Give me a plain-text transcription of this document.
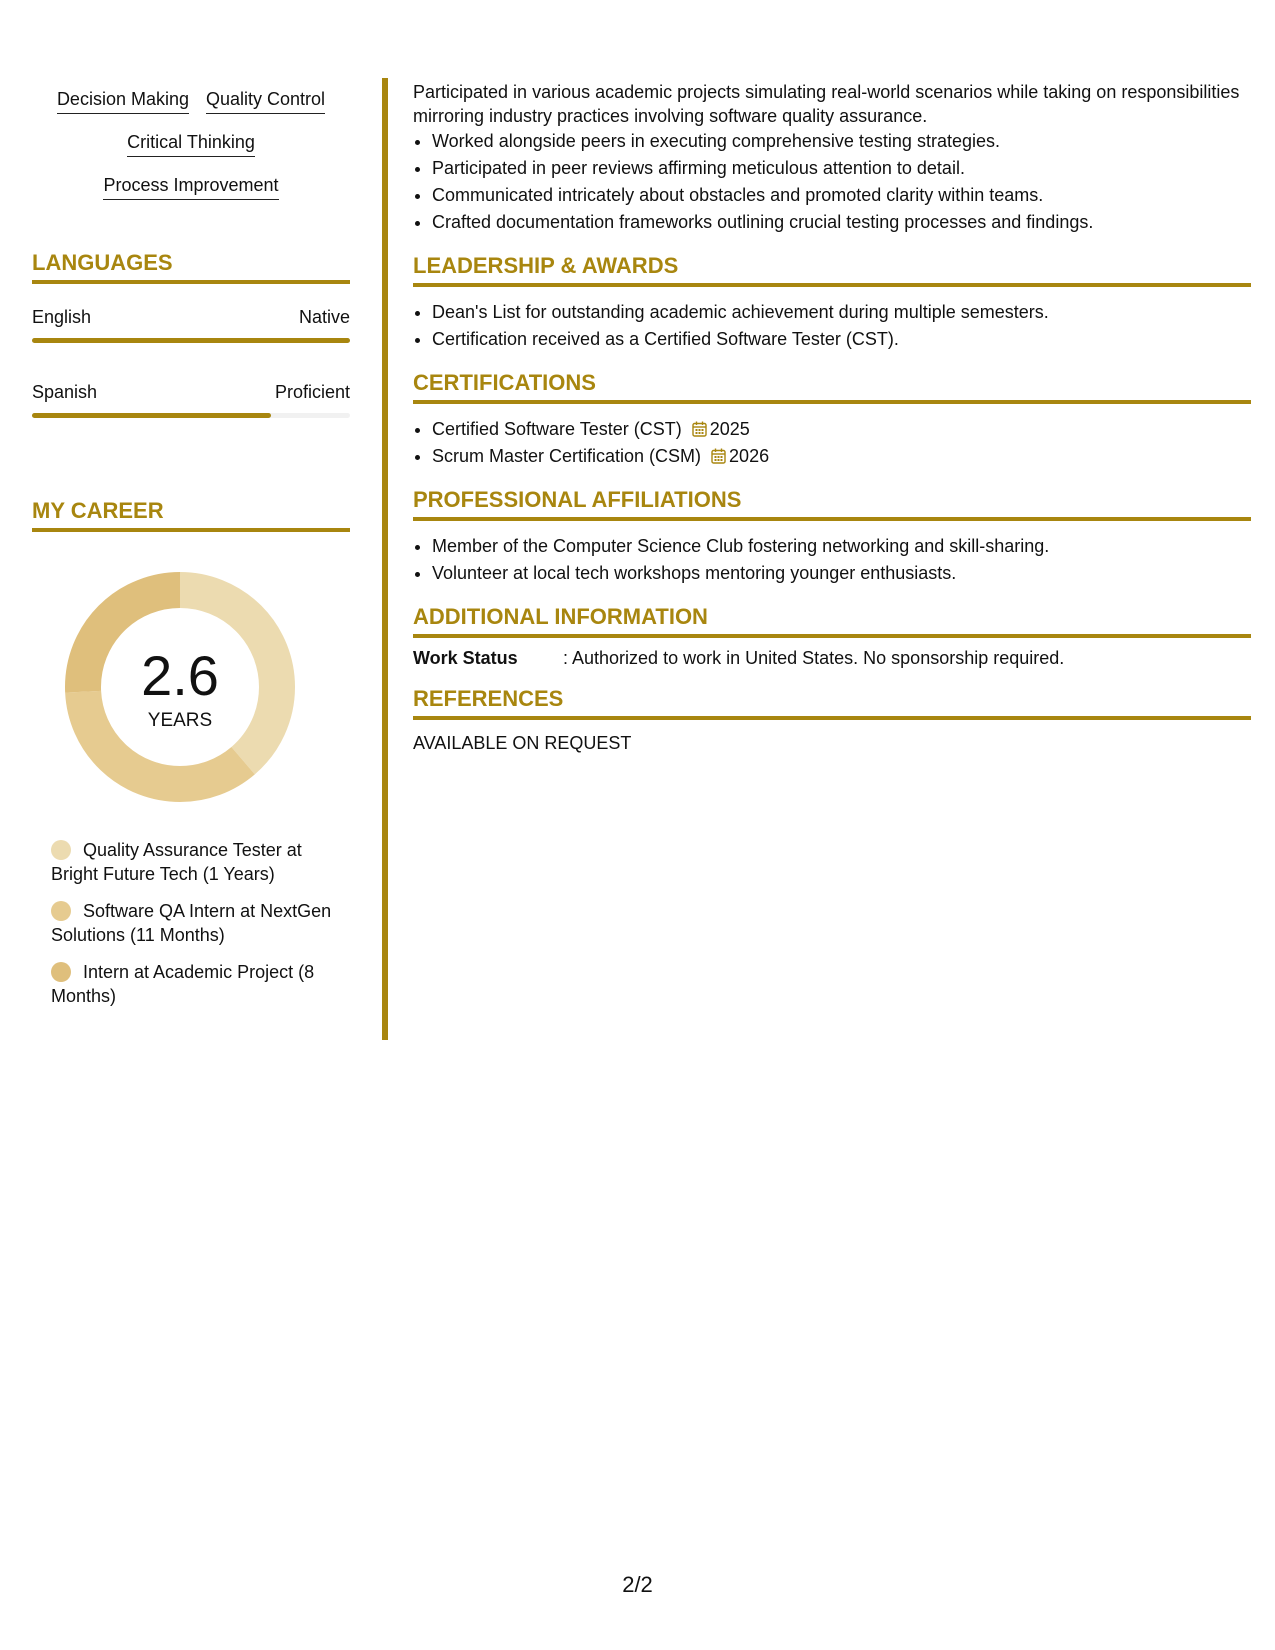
Decision Making Quality Control
Critical Thinking
Process Improvement
LANGUAGES
English	Native
Spanish	Proficient
MY CAREER
2.6
YEARS
Quality Assurance Tester at Bright Future Tech (1 Years)
Software QA Intern at NextGen Solutions (11 Months)
Intern at Academic Project (8 Months)

Participated in various academic projects simulating real-world scenarios while taking on responsibilities mirroring industry practices involving software quality assurance.

• Worked alongside peers in executing comprehensive testing strategies.
• Participated in peer reviews affirming meticulous attention to detail.
• Communicated intricately about obstacles and promoted clarity within teams.
• Crafted documentation frameworks outlining crucial testing processes and findings.
LEADERSHIP & AWARDS
• Dean's List for outstanding academic achievement during multiple semesters.
• Certification received as a Certified Software Tester (CST).
CERTIFICATIONS
• Certified Software Tester (CST) 2025
• Scrum Master Certification (CSM) 2026
PROFESSIONAL AFFILIATIONS
• Member of the Computer Science Club fostering networking and skill-sharing.
• Volunteer at local tech workshops mentoring younger enthusiasts.
ADDITIONAL INFORMATION
Work Status	: Authorized to work in United States. No sponsorship required.
REFERENCES
AVAILABLE ON REQUEST
2/2
